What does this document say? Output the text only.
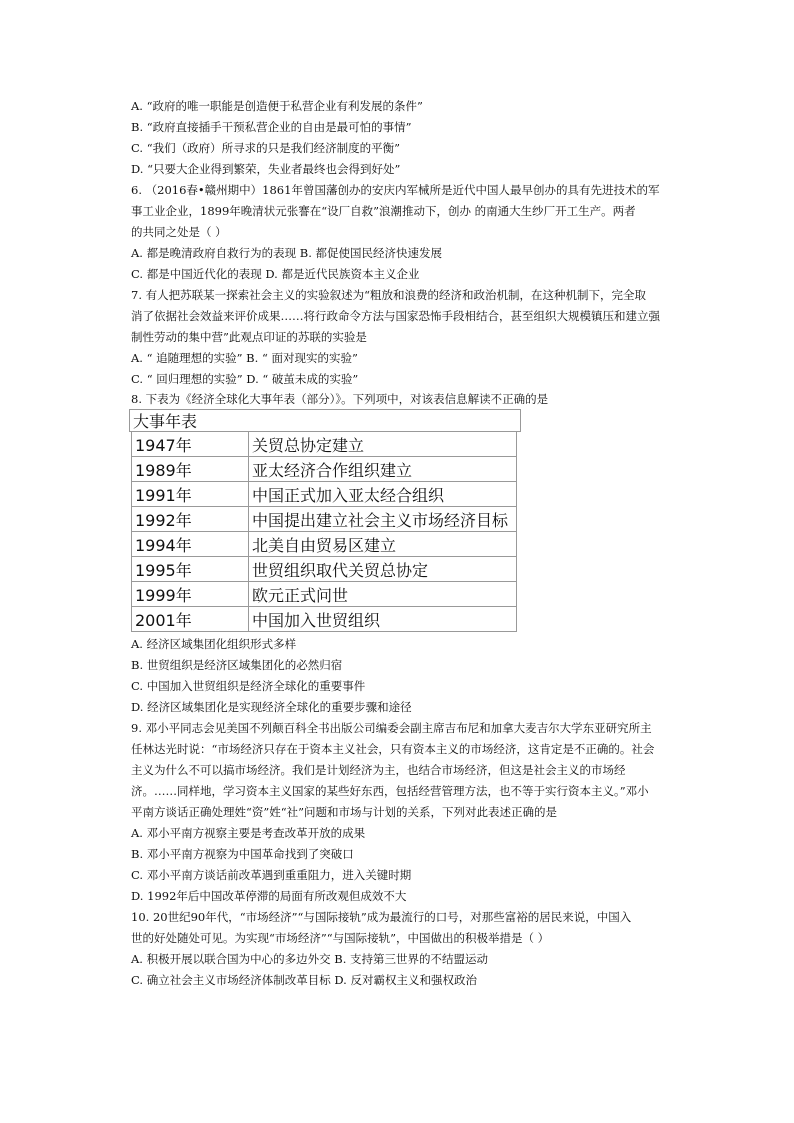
A. “政府的唯一职能是创造便于私营企业有利发展的条件”
B. “政府直接插手干预私营企业的自由是最可怕的事情”
C. “我们（政府）所寻求的只是我们经济制度的平衡”
D. “只要大企业得到繁荣，失业者最终也会得到好处”
6. （2016春•赣州期中）1861年曾国藩创办的安庆内军械所是近代中国人最早创办的具有先进技术的军
事工业企业，1899年晚清状元张謇在“设厂自救”浪潮推动下，创办 的南通大生纱厂开工生产。两者
的共同之处是（ ）
A. 都是晚清政府自救行为的表现 B. 都促使国民经济快速发展
C. 都是中国近代化的表现 D. 都是近代民族资本主义企业
7. 有人把苏联某一探索社会主义的实验叙述为“粗放和浪费的经济和政治机制，在这种机制下，完全取
消了依据社会效益来评价成果……将行政命令方法与国家恐怖手段相结合，甚至组织大规模镇压和建立强
制性劳动的集中营”此观点印证的苏联的实验是
A. “ 追随理想的实验” B. “ 面对现实的实验”
C. “ 回归理想的实验” D. “ 破茧未成的实验”
8. 下表为《经济全球化大事年表（部分）》。下列项中，对该表信息解读不正确的是
大事年表
1947年	关贸总协定建立
1989年	亚太经济合作组织建立
1991年	中国正式加入亚太经合组织
1992年	中国提出建立社会主义市场经济目标
1994年	北美自由贸易区建立
1995年	世贸组织取代关贸总协定
1999年	欧元正式问世
2001年	中国加入世贸组织
A. 经济区域集团化组织形式多样
B. 世贸组织是经济区域集团化的必然归宿
C. 中国加入世贸组织是经济全球化的重要事件
D. 经济区域集团化是实现经济全球化的重要步骤和途径
9. 邓小平同志会见美国不列颠百科全书出版公司编委会副主席吉布尼和加拿大麦吉尔大学东亚研究所主
任林达光时说：“市场经济只存在于资本主义社会，只有资本主义的市场经济，这肯定是不正确的。社会
主义为什么不可以搞市场经济。我们是计划经济为主，也结合市场经济，但这是社会主义的市场经
济。……同样地，学习资本主义国家的某些好东西，包括经营管理方法，也不等于实行资本主义。”邓小
平南方谈话正确处理姓“资”姓“社”问题和市场与计划的关系，下列对此表述正确的是
A. 邓小平南方视察主要是考查改革开放的成果
B. 邓小平南方视察为中国革命找到了突破口
C. 邓小平南方谈话前改革遇到重重阻力，进入关键时期
D. 1992年后中国改革停滞的局面有所改观但成效不大
10. 20世纪90年代，“市场经济”“与国际接轨”成为最流行的口号，对那些富裕的居民来说，中国入
世的好处随处可见。为实现“市场经济”“与国际接轨”，中国做出的积极举措是（ ）
A. 积极开展以联合国为中心的多边外交 B. 支持第三世界的不结盟运动
C. 确立社会主义市场经济体制改革目标 D. 反对霸权主义和强权政治
